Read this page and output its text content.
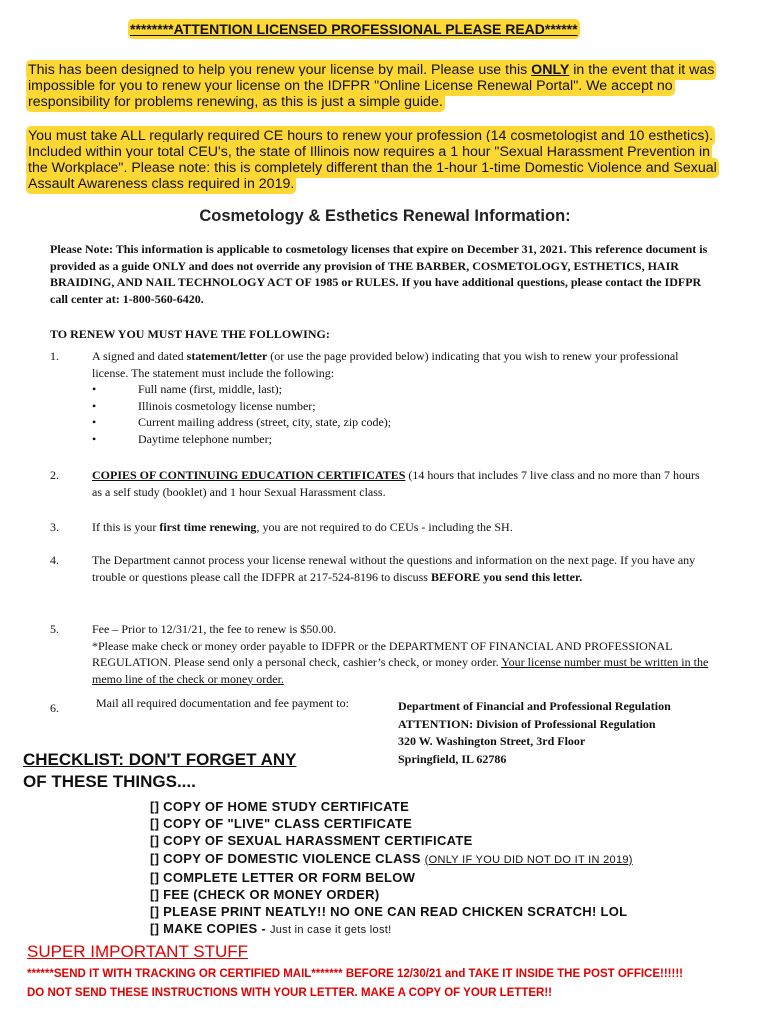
********ATTENTION LICENSED PROFESSIONAL PLEASE READ******
This has been designed to help you renew your license by mail. Please use this ONLY in the event that it was impossible for you to renew your license on the IDFPR "Online License Renewal Portal". We accept no responsibility for problems renewing, as this is just a simple guide.
You must take ALL regularly required CE hours to renew your profession (14 cosmetologist and 10 esthetics). Included within your total CEU's, the state of Illinois now requires a 1 hour "Sexual Harassment Prevention in the Workplace". Please note: this is completely different than the 1-hour 1-time Domestic Violence and Sexual Assault Awareness class required in 2019.
Cosmetology & Esthetics Renewal Information:
Please Note: This information is applicable to cosmetology licenses that expire on December 31, 2021. This reference document is provided as a guide ONLY and does not override any provision of THE BARBER, COSMETOLOGY, ESTHETICS, HAIR BRAIDING, AND NAIL TECHNOLOGY ACT OF 1985 or RULES. If you have additional questions, please contact the IDFPR call center at: 1-800-560-6420.
TO RENEW YOU MUST HAVE THE FOLLOWING:
1.	A signed and dated statement/letter (or use the page provided below) indicating that you wish to renew your professional license. The statement must include the following:
• Full name (first, middle, last);
• Illinois cosmetology license number;
• Current mailing address (street, city, state, zip code);
• Daytime telephone number;
2.	COPIES OF CONTINUING EDUCATION CERTIFICATES (14 hours that includes 7 live class and no more than 7 hours as a self study (booklet) and 1 hour Sexual Harassment class.
3.	If this is your first time renewing, you are not required to do CEUs - including the SH.
4.	The Department cannot process your license renewal without the questions and information on the next page. If you have any trouble or questions please call the IDFPR at 217-524-8196 to discuss BEFORE you send this letter.
5.	Fee – Prior to 12/31/21, the fee to renew is $50.00.
*Please make check or money order payable to IDFPR or the DEPARTMENT OF FINANCIAL AND PROFESSIONAL REGULATION. Please send only a personal check, cashier’s check, or money order. Your license number must be written in the memo line of the check or money order.
6.	Mail all required documentation and fee payment to:	Department of Financial and Professional Regulation
ATTENTION: Division of Professional Regulation
320 W. Washington Street, 3rd Floor
Springfield, IL 62786
CHECKLIST: DON'T FORGET ANY
OF THESE THINGS....
[] COPY OF HOME STUDY CERTIFICATE
[] COPY OF "LIVE" CLASS CERTIFICATE
[] COPY OF SEXUAL HARASSMENT CERTIFICATE
[] COPY OF DOMESTIC VIOLENCE CLASS (ONLY IF YOU DID NOT DO IT IN 2019)
[] COMPLETE LETTER OR FORM BELOW
[] FEE (CHECK OR MONEY ORDER)
[] PLEASE PRINT NEATLY!! NO ONE CAN READ CHICKEN SCRATCH! LOL
[] MAKE COPIES - Just in case it gets lost!
SUPER IMPORTANT STUFF
******SEND IT WITH TRACKING OR CERTIFIED MAIL******* BEFORE 12/30/21 and TAKE IT INSIDE THE POST OFFICE!!!!!!
DO NOT SEND THESE INSTRUCTIONS WITH YOUR LETTER. MAKE A COPY OF YOUR LETTER!!
